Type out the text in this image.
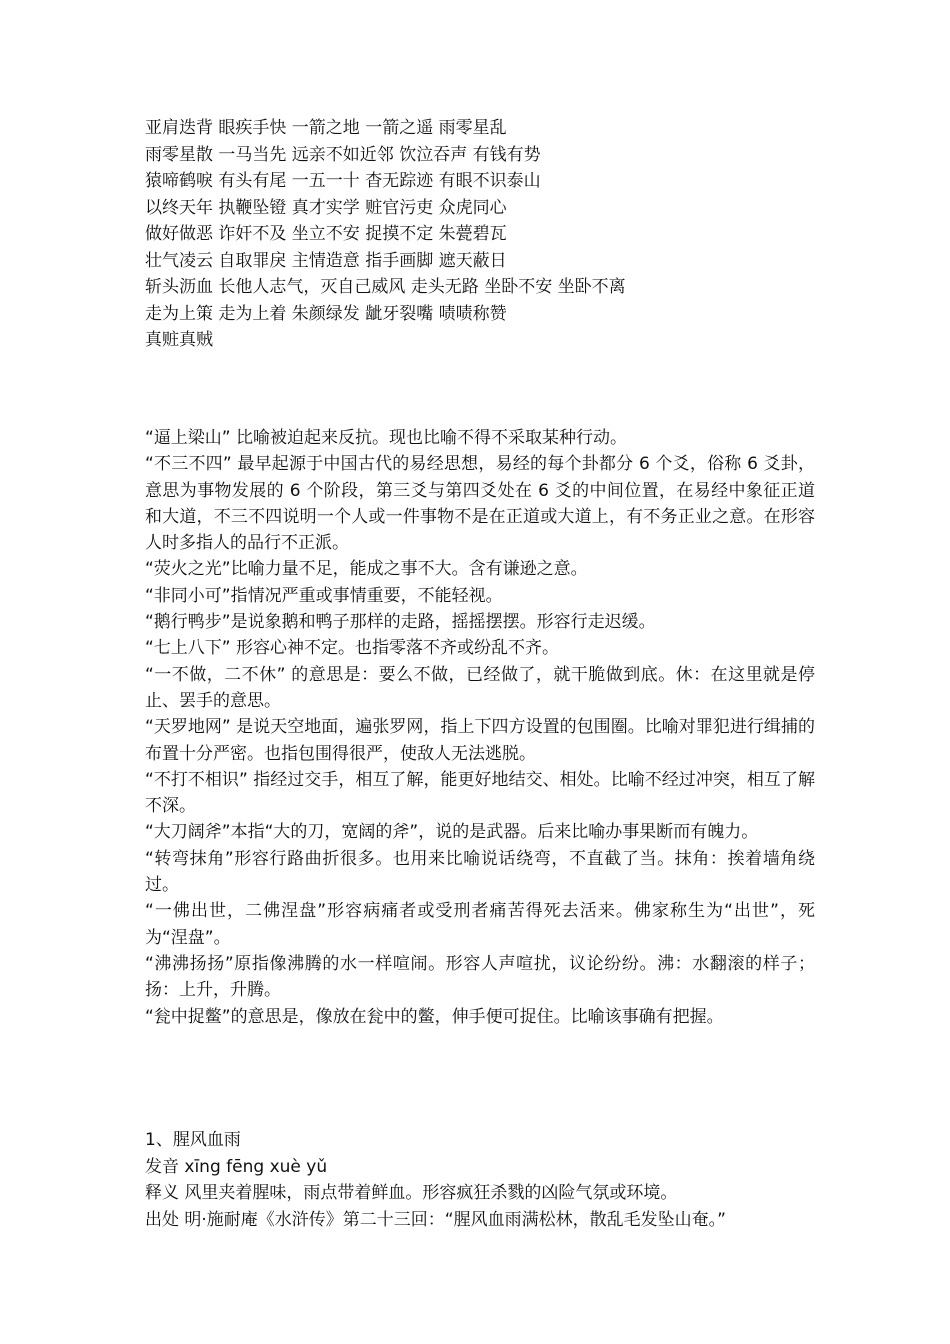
亚肩迭背 眼疾手快 一箭之地 一箭之遥 雨零星乱

雨零星散 一马当先 远亲不如近邻 饮泣吞声 有钱有势

猿啼鹤唳 有头有尾 一五一十 杳无踪迹 有眼不识泰山

以终天年 执鞭坠镫 真才实学 赃官污吏 众虎同心

做好做恶 诈奸不及 坐立不安 捉摸不定 朱甍碧瓦

壮气凌云 自取罪戾 主情造意 指手画脚 遮天蔽日

斩头沥血 长他人志气，灭自己威风 走头无路 坐卧不安 坐卧不离

走为上策 走为上着 朱颜绿发 龇牙裂嘴 啧啧称赞

真赃真贼

“逼上梁山” 比喻被迫起来反抗。现也比喻不得不采取某种行动。

“不三不四” 最早起源于中国古代的易经思想，易经的每个卦都分 6 个爻，俗称 6 爻卦，意思为事物发展的 6 个阶段，第三爻与第四爻处在 6 爻的中间位置，在易经中象征正道和大道，不三不四说明一个人或一件事物不是在正道或大道上，有不务正业之意。在形容人时多指人的品行不正派。

“荧火之光”比喻力量不足，能成之事不大。含有谦逊之意。

“非同小可”指情况严重或事情重要，不能轻视。

“鹅行鸭步”是说象鹅和鸭子那样的走路，摇摇摆摆。形容行走迟缓。

“七上八下” 形容心神不定。也指零落不齐或纷乱不齐。

“一不做，二不休” 的意思是：要么不做，已经做了，就干脆做到底。休：在这里就是停止、罢手的意思。

“天罗地网” 是说天空地面，遍张罗网，指上下四方设置的包围圈。比喻对罪犯进行缉捕的布置十分严密。也指包围得很严，使敌人无法逃脱。

“不打不相识” 指经过交手，相互了解，能更好地结交、相处。比喻不经过冲突，相互了解不深。

“大刀阔斧”本指“大的刀，宽阔的斧”，说的是武器。后来比喻办事果断而有魄力。

“转弯抹角”形容行路曲折很多。也用来比喻说话绕弯，不直截了当。抹角：挨着墙角绕过。

“一佛出世，二佛涅盘”形容病痛者或受刑者痛苦得死去活来。佛家称生为“出世”，死为“涅盘”。

“沸沸扬扬”原指像沸腾的水一样喧闹。形容人声喧扰，议论纷纷。沸：水翻滚的样子；扬：上升，升腾。

“瓮中捉鳖”的意思是，像放在瓮中的鳖，伸手便可捉住。比喻该事确有把握。

1、腥风血雨

发音 xīng fēng xuè yǔ

释义 风里夹着腥味，雨点带着鲜血。形容疯狂杀戮的凶险气氛或环境。

出处 明·施耐庵《水浒传》第二十三回：“腥风血雨满松林，散乱毛发坠山奄。”
